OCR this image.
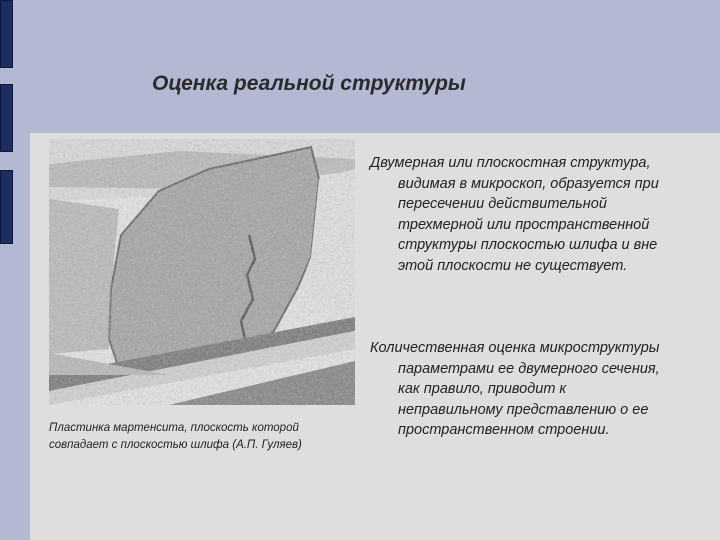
Оценка реальной структуры
Пластинка мартенсита, плоскость которой совпадает с плоскостью шлифа (А.П. Гуляев)

Двумерная или плоскостная структура, видимая в микроскоп, образуется при пересечении действительной трехмерной или пространственной структуры плоскостью шлифа и вне этой плоскости не существует.

Количественная оценка микроструктуры параметрами ее двумерного сечения, как правило, приводит к неправильному представлению о ее пространственном строении.
